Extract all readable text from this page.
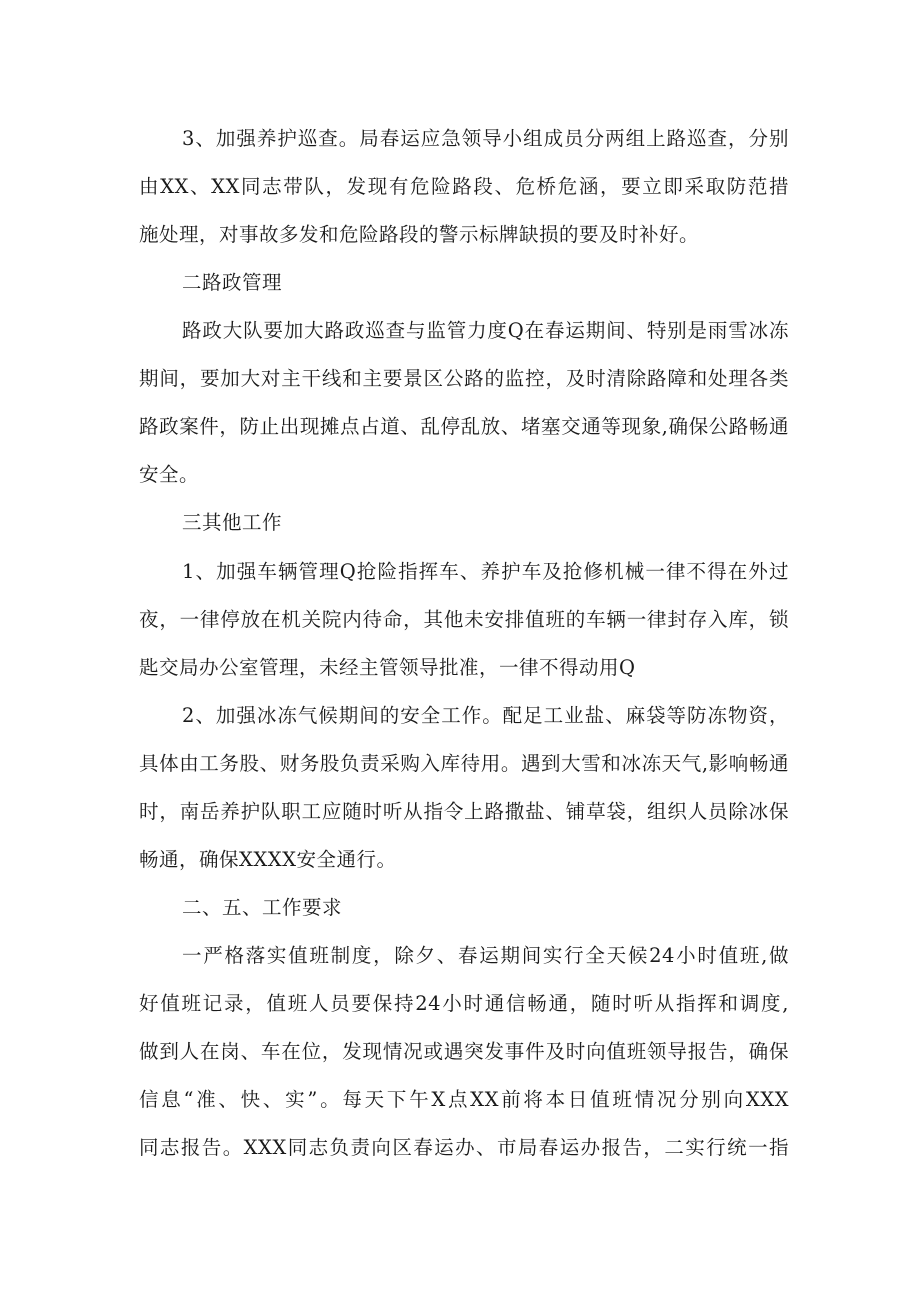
3、加强养护巡查。局春运应急领导小组成员分两组上路巡查，分别
由XX、XX同志带队，发现有危险路段、危桥危涵，要立即采取防范措
施处理，对事故多发和危险路段的警示标牌缺损的要及时补好。
二路政管理
路政大队要加大路政巡查与监管力度Q在春运期间、特别是雨雪冰冻
期间，要加大对主干线和主要景区公路的监控，及时清除路障和处理各类
路政案件，防止出现摊点占道、乱停乱放、堵塞交通等现象,确保公路畅通
安全。
三其他工作
1、加强车辆管理Q抢险指挥车、养护车及抢修机械一律不得在外过
夜，一律停放在机关院内待命，其他未安排值班的车辆一律封存入库，锁
匙交局办公室管理，未经主管领导批准，一律不得动用Q
2、加强冰冻气候期间的安全工作。配足工业盐、麻袋等防冻物资，
具体由工务股、财务股负责采购入库待用。遇到大雪和冰冻天气,影响畅通
时，南岳养护队职工应随时听从指令上路撒盐、铺草袋，组织人员除冰保
畅通，确保XXXX安全通行。
二、五、工作要求
一严格落实值班制度，除夕、春运期间实行全天候24小时值班,做
好值班记录，值班人员要保持24小时通信畅通，随时听从指挥和调度,
做到人在岗、车在位，发现情况或遇突发事件及时向值班领导报告，确保
信息“准、快、实”。每天下午X点XX前将本日值班情况分别向XXX
同志报告。XXX同志负责向区春运办、市局春运办报告，二实行统一指
